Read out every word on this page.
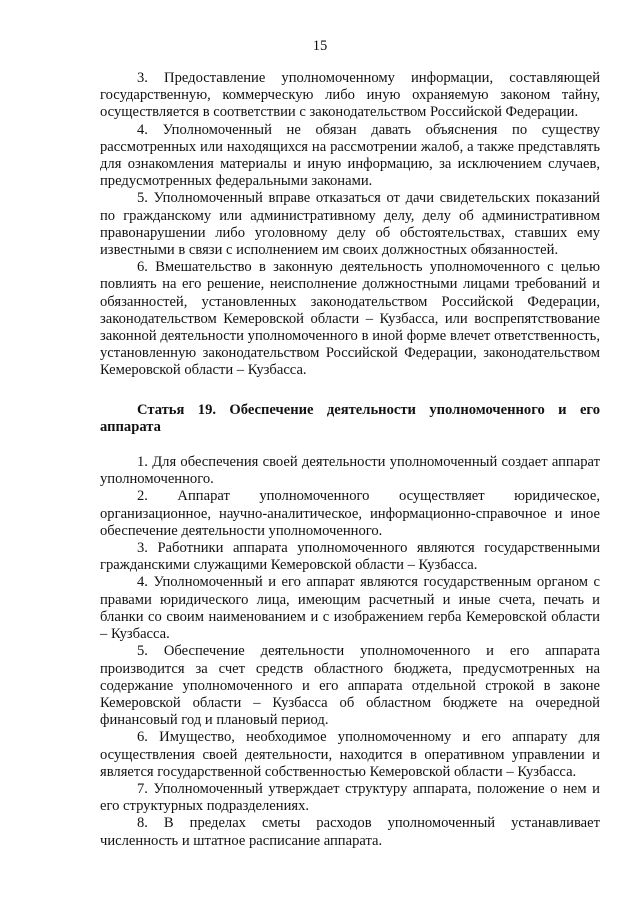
15

3. Предоставление уполномоченному информации, составляющей государственную, коммерческую либо иную охраняемую законом тайну, осуществляется в соответствии с законодательством Российской Федерации.

4. Уполномоченный не обязан давать объяснения по существу рассмотренных или находящихся на рассмотрении жалоб, а также представлять для ознакомления материалы и иную информацию, за исключением случаев, предусмотренных федеральными законами.

5. Уполномоченный вправе отказаться от дачи свидетельских показаний по гражданскому или административному делу, делу об административном правонарушении либо уголовному делу об обстоятельствах, ставших ему известными в связи с исполнением им своих должностных обязанностей.

6. Вмешательство в законную деятельность уполномоченного с целью повлиять на его решение, неисполнение должностными лицами требований и обязанностей, установленных законодательством Российской Федерации, законодательством Кемеровской области – Кузбасса, или воспрепятствование законной деятельности уполномоченного в иной форме влечет ответственность, установленную законодательством Российской Федерации, законодательством Кемеровской области – Кузбасса.

Статья 19. Обеспечение деятельности уполномоченного и его аппарата

1. Для обеспечения своей деятельности уполномоченный создает аппарат уполномоченного.

2. Аппарат уполномоченного осуществляет юридическое, организационное, научно-аналитическое, информационно-справочное и иное обеспечение деятельности уполномоченного.

3. Работники аппарата уполномоченного являются государственными гражданскими служащими Кемеровской области – Кузбасса.

4. Уполномоченный и его аппарат являются государственным органом с правами юридического лица, имеющим расчетный и иные счета, печать и бланки со своим наименованием и с изображением герба Кемеровской области – Кузбасса.

5. Обеспечение деятельности уполномоченного и его аппарата производится за счет средств областного бюджета, предусмотренных на содержание уполномоченного и его аппарата отдельной строкой в законе Кемеровской области – Кузбасса об областном бюджете на очередной финансовый год и плановый период.

6. Имущество, необходимое уполномоченному и его аппарату для осуществления своей деятельности, находится в оперативном управлении и является государственной собственностью Кемеровской области – Кузбасса.

7. Уполномоченный утверждает структуру аппарата, положение о нем и его структурных подразделениях.

8. В пределах сметы расходов уполномоченный устанавливает численность и штатное расписание аппарата.
